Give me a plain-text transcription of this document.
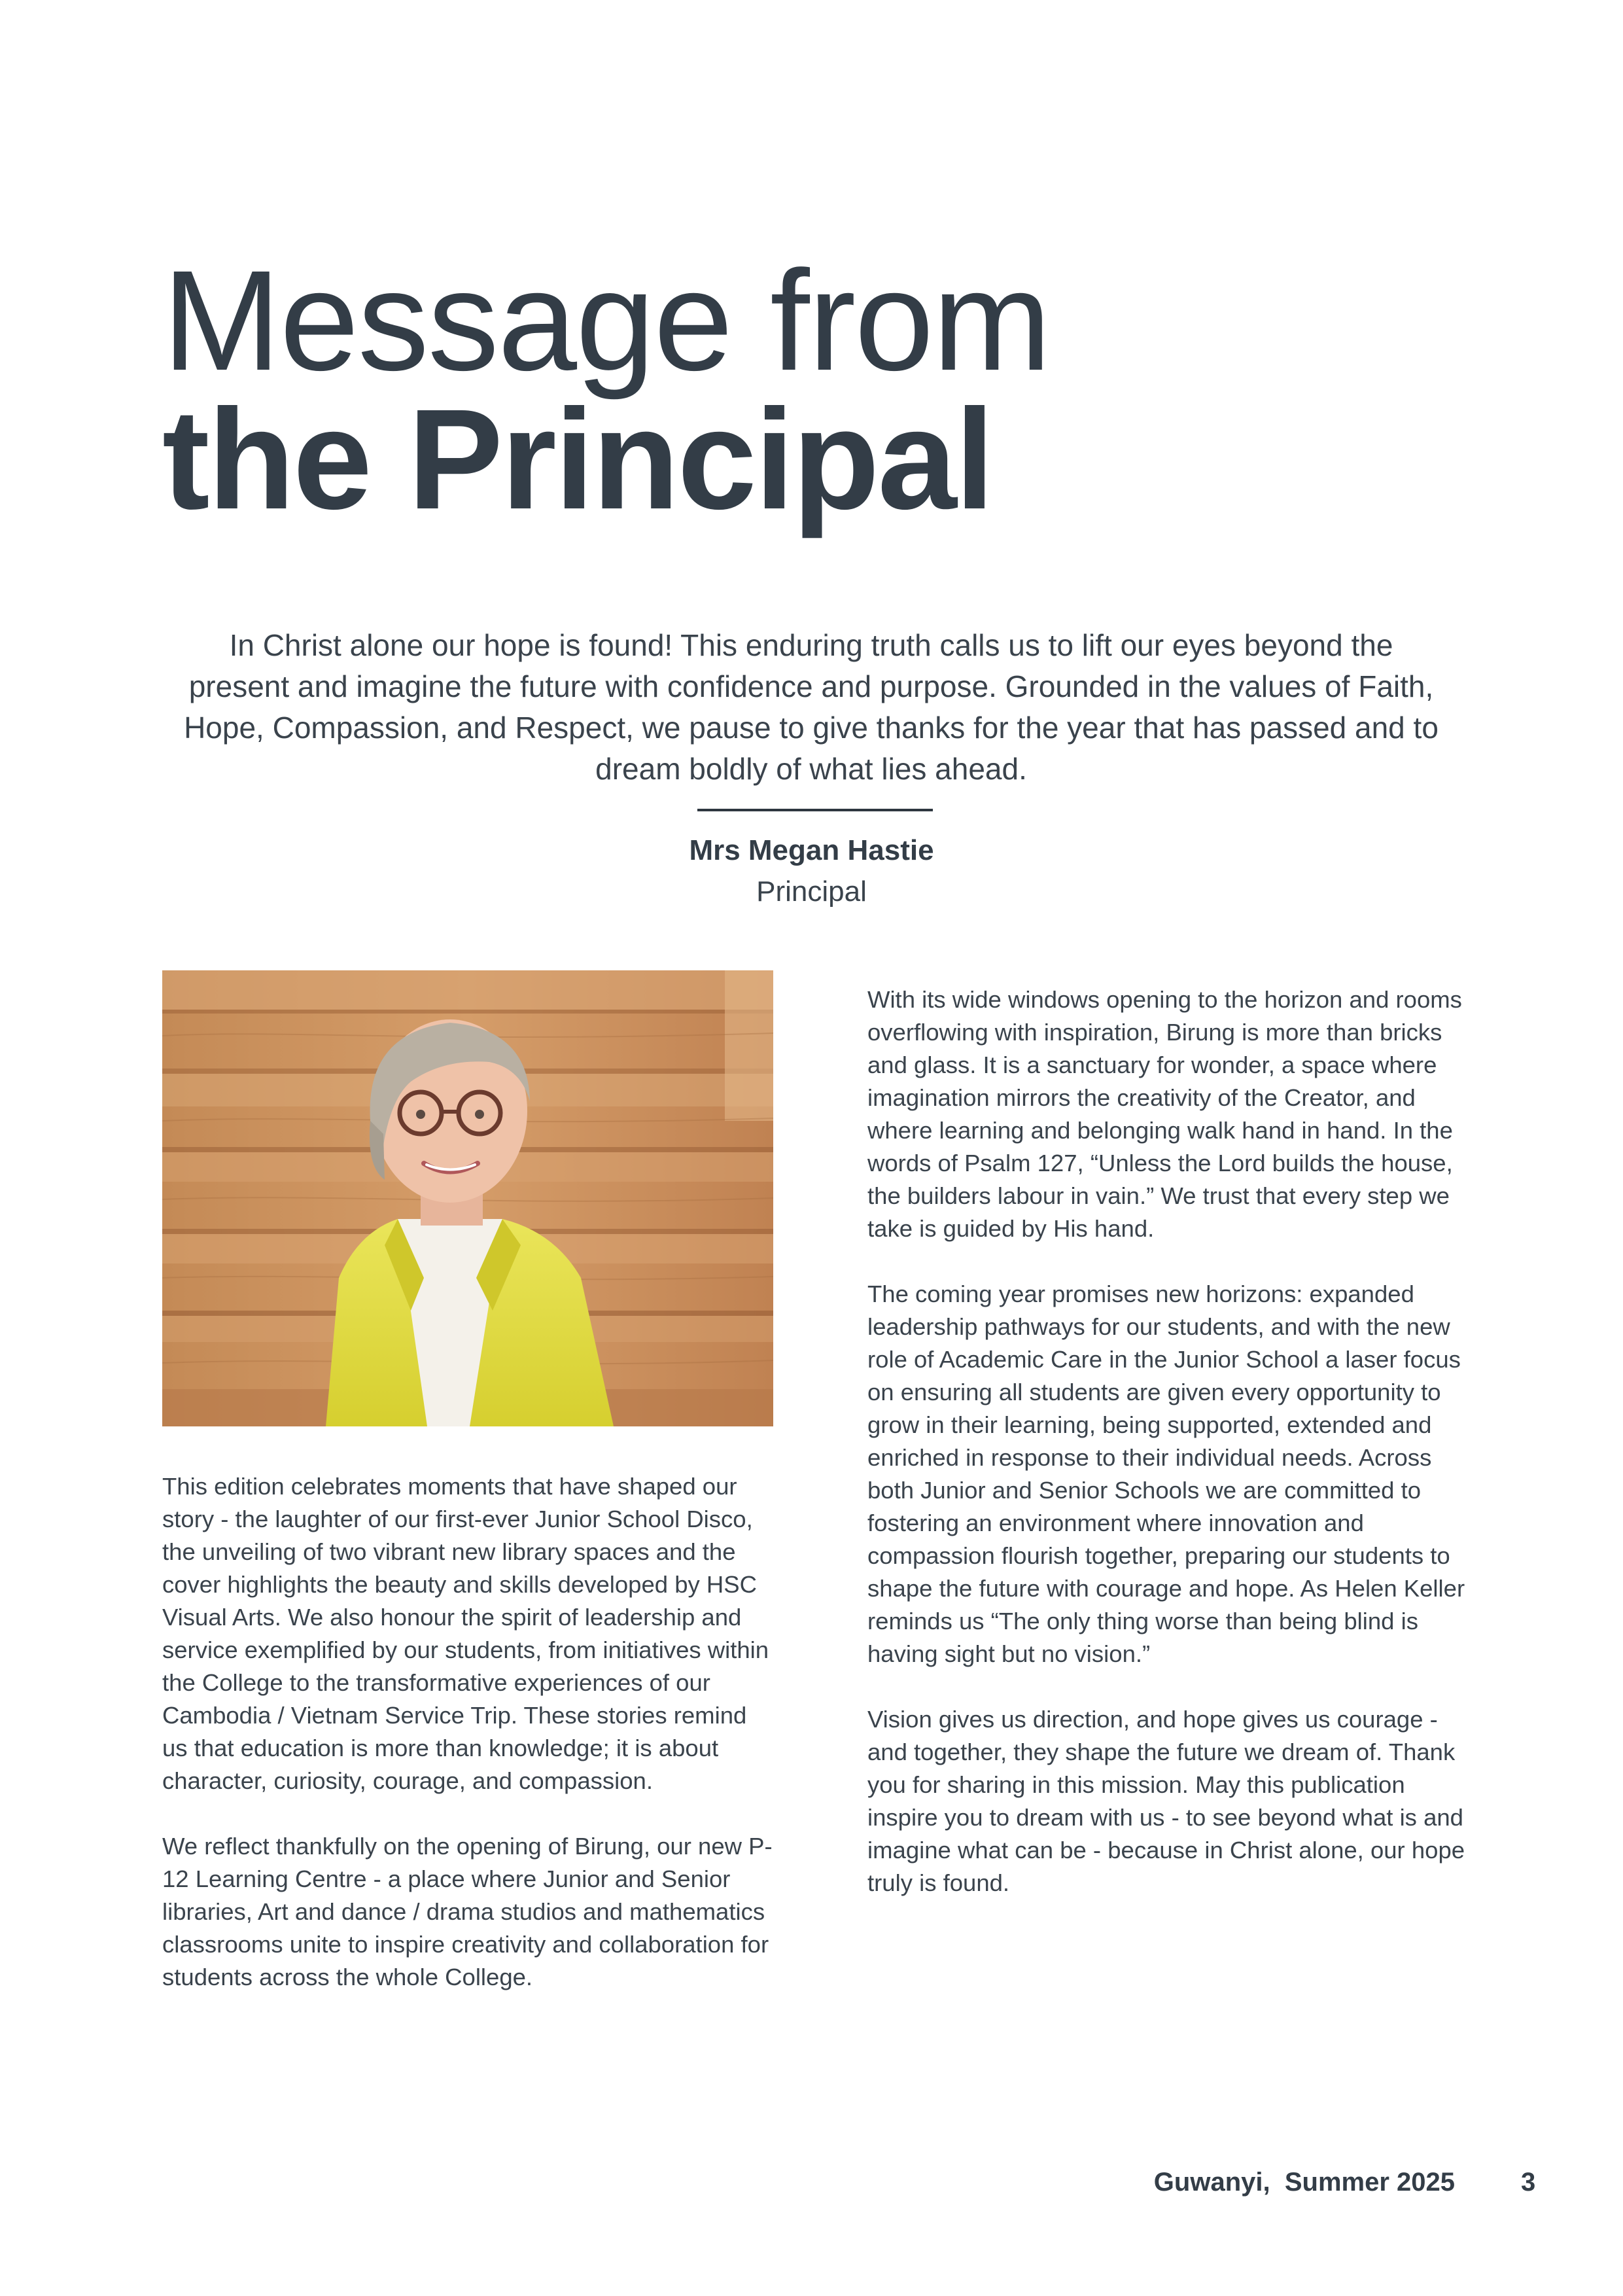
Message from
the Principal

In Christ alone our hope is found! This enduring truth calls us to lift our eyes beyond the present and imagine the future with confidence and purpose. Grounded in the values of Faith, Hope, Compassion, and Respect, we pause to give thanks for the year that has passed and to dream boldly of what lies ahead.

Mrs Megan Hastie
Principal

This edition celebrates moments that have shaped our story - the laughter of our first-ever Junior School Disco, the unveiling of two vibrant new library spaces and the cover highlights the beauty and skills developed by HSC Visual Arts. We also honour the spirit of leadership and service exemplified by our students, from initiatives within the College to the transformative experiences of our Cambodia / Vietnam Service Trip. These stories remind us that education is more than knowledge; it is about character, curiosity, courage, and compassion.

We reflect thankfully on the opening of Birung, our new P-12 Learning Centre - a place where Junior and Senior libraries, Art and dance / drama studios and mathematics classrooms unite to inspire creativity and collaboration for students across the whole College.

With its wide windows opening to the horizon and rooms overflowing with inspiration, Birung is more than bricks and glass. It is a sanctuary for wonder, a space where imagination mirrors the creativity of the Creator, and where learning and belonging walk hand in hand. In the words of Psalm 127, “Unless the Lord builds the house, the builders labour in vain.” We trust that every step we take is guided by His hand.

The coming year promises new horizons: expanded leadership pathways for our students, and with the new role of Academic Care in the Junior School a laser focus on ensuring all students are given every opportunity to grow in their learning, being supported, extended and enriched in response to their individual needs. Across both Junior and Senior Schools we are committed to fostering an environment where innovation and compassion flourish together, preparing our students to shape the future with courage and hope. As Helen Keller reminds us “The only thing worse than being blind is having sight but no vision.”

Vision gives us direction, and hope gives us courage - and together, they shape the future we dream of. Thank you for sharing in this mission. May this publication inspire you to dream with us - to see beyond what is and imagine what can be - because in Christ alone, our hope truly is found.

Guwanyi,  Summer 2025	3
